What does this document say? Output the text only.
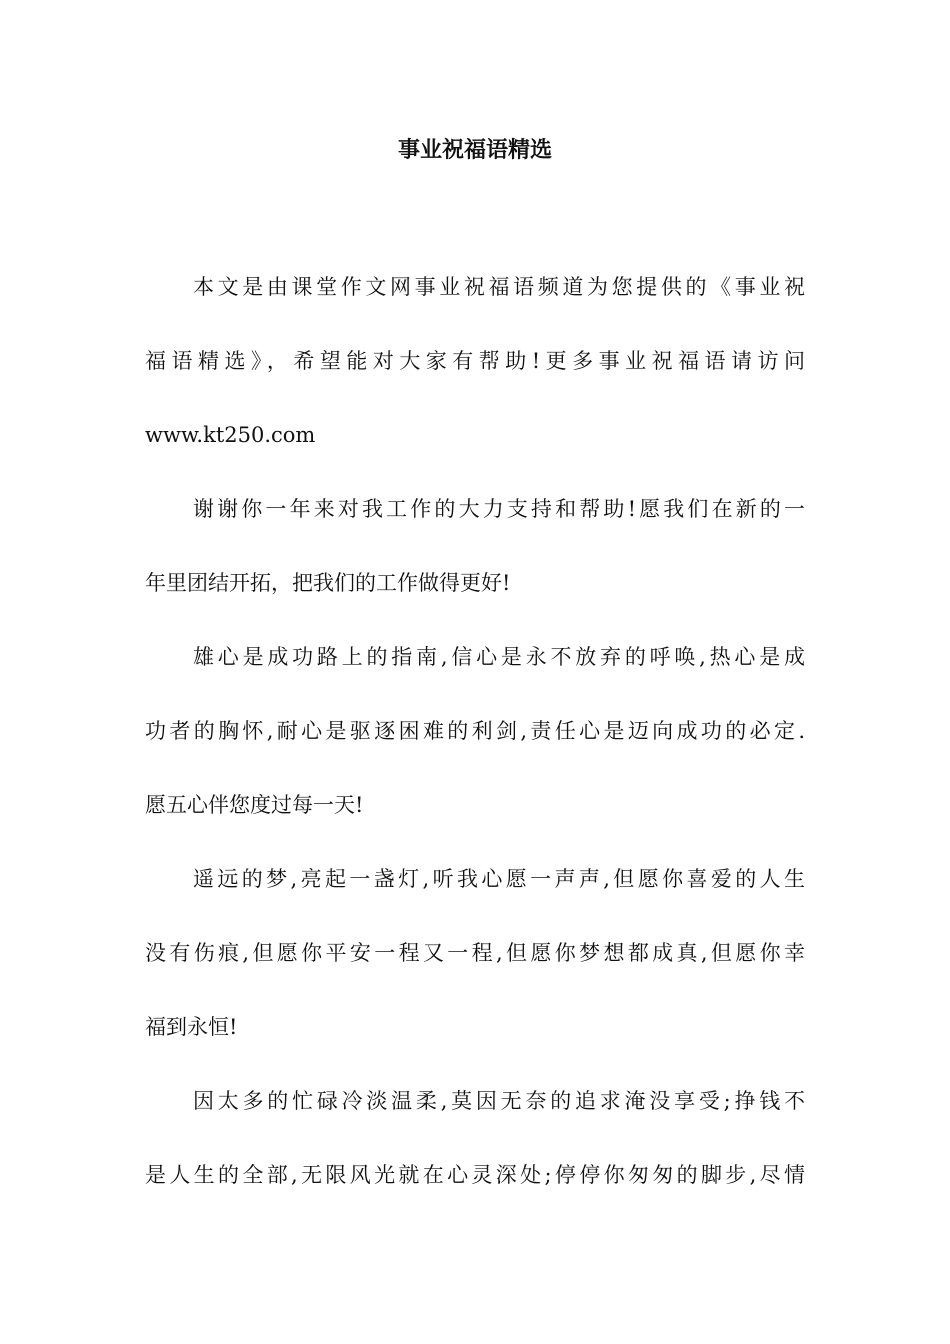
事业祝福语精选
本文是由课堂作文网事业祝福语频道为您提供的《事业祝
福语精选》，希望能对大家有帮助!更多事业祝福语请访问
www.kt250.com
谢谢你一年来对我工作的大力支持和帮助!愿我们在新的一
年里团结开拓，把我们的工作做得更好!
雄心是成功路上的指南,信心是永不放弃的呼唤,热心是成
功者的胸怀,耐心是驱逐困难的利剑,责任心是迈向成功的必定.
愿五心伴您度过每一天!
遥远的梦,亮起一盏灯,听我心愿一声声,但愿你喜爱的人生
没有伤痕,但愿你平安一程又一程,但愿你梦想都成真,但愿你幸
福到永恒!
因太多的忙碌冷淡温柔,莫因无奈的追求淹没享受;挣钱不
是人生的全部,无限风光就在心灵深处;停停你匆匆的脚步,尽情
